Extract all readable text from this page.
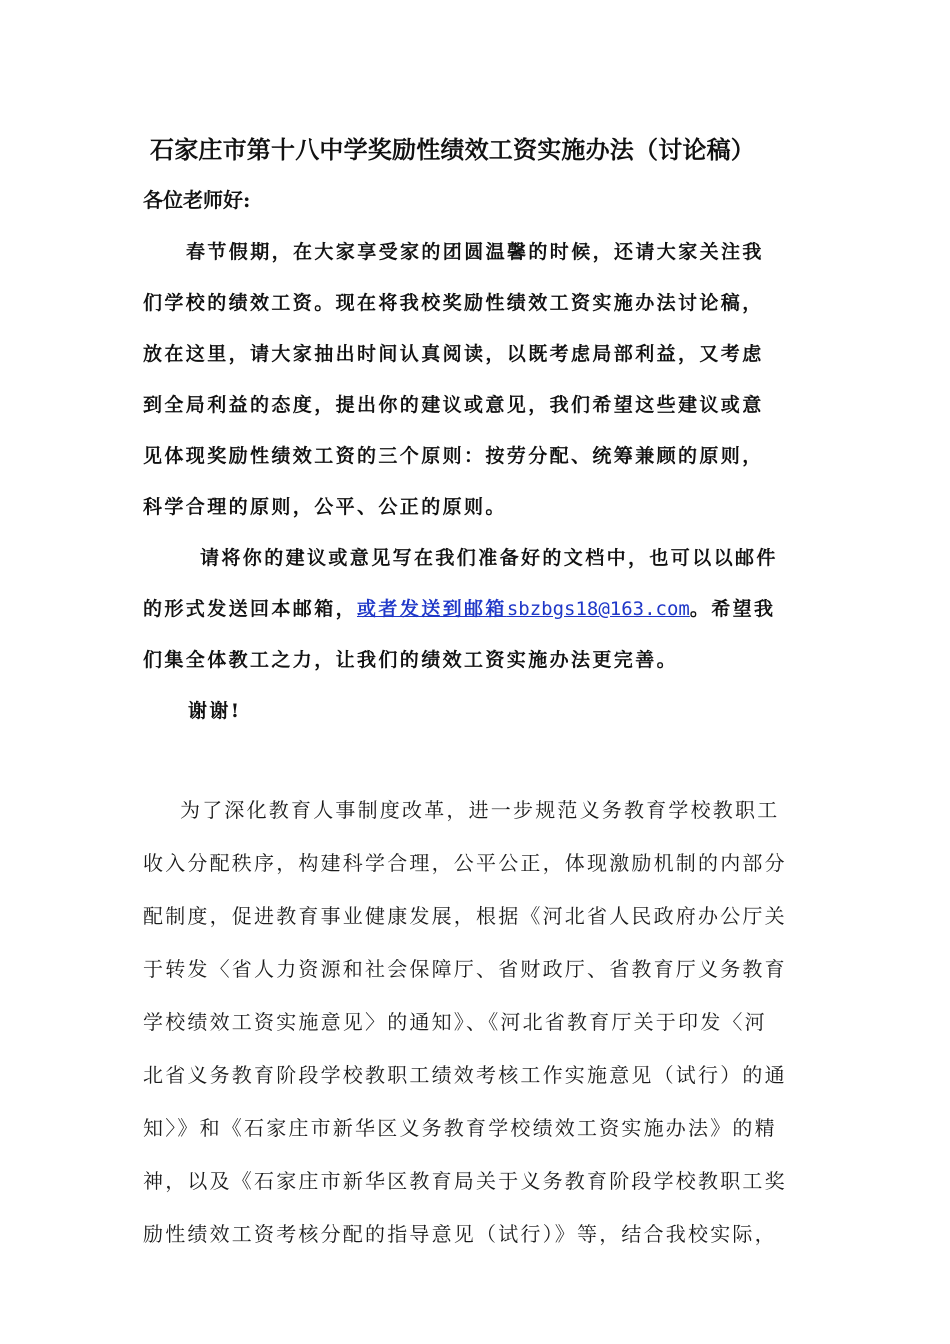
石家庄市第十八中学奖励性绩效工资实施办法（讨论稿）
各位老师好:
春节假期，在大家享受家的团圆温馨的时候，还请大家关注我
们学校的绩效工资。现在将我校奖励性绩效工资实施办法讨论稿，
放在这里，请大家抽出时间认真阅读，以既考虑局部利益，又考虑
到全局利益的态度，提出你的建议或意见，我们希望这些建议或意
见体现奖励性绩效工资的三个原则：按劳分配、统筹兼顾的原则，
科学合理的原则，公平、公正的原则。
请将你的建议或意见写在我们准备好的文档中，也可以以邮件
的形式发送回本邮箱，或者发送到邮箱sbzbgs18@163.com。希望我
们集全体教工之力，让我们的绩效工资实施办法更完善。
谢谢!
为了深化教育人事制度改革，进一步规范义务教育学校教职工
收入分配秩序，构建科学合理，公平公正，体现激励机制的内部分
配制度，促进教育事业健康发展，根据《河北省人民政府办公厅关
于转发〈省人力资源和社会保障厅、省财政厅、省教育厅义务教育
学校绩效工资实施意见〉的通知》、《河北省教育厅关于印发〈河
北省义务教育阶段学校教职工绩效考核工作实施意见（试行）的通
知〉》和《石家庄市新华区义务教育学校绩效工资实施办法》的精
神，以及《石家庄市新华区教育局关于义务教育阶段学校教职工奖
励性绩效工资考核分配的指导意见（试行）》等，结合我校实际，
